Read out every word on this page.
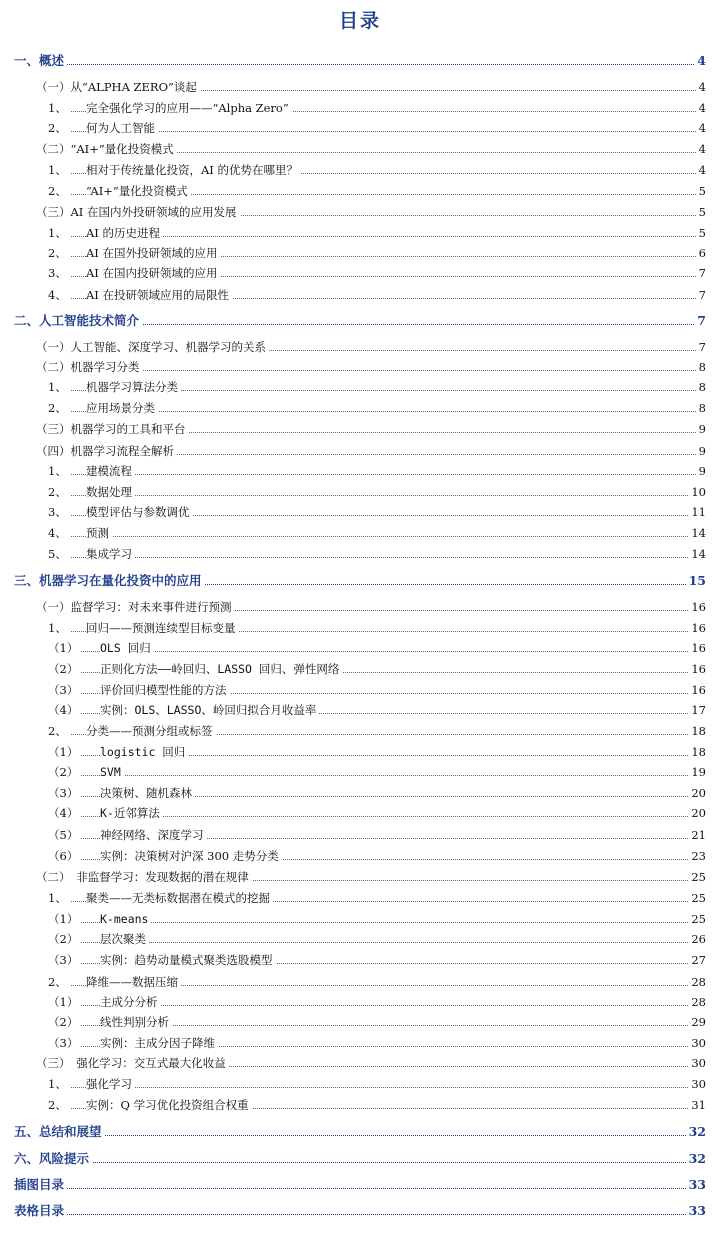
目录
一、概述	4
（一）从“ALPHA ZERO”谈起	4
1、 完全强化学习的应用——“Alpha Zero”	4
2、 何为人工智能	4
（二）“AI+”量化投资模式	4
1、 相对于传统量化投资，AI 的优势在哪里？	4
2、 “AI+”量化投资模式	5
（三）AI 在国内外投研领域的应用发展	5
1、 AI 的历史进程	5
2、 AI 在国外投研领域的应用	6
3、 AI 在国内投研领域的应用	7
4、 AI 在投研领域应用的局限性	7
二、人工智能技术简介	7
（一）人工智能、深度学习、机器学习的关系	7
（二）机器学习分类	8
1、 机器学习算法分类	8
2、 应用场景分类	8
（三）机器学习的工具和平台	9
（四）机器学习流程全解析	9
1、 建模流程	9
2、 数据处理	10
3、 模型评估与参数调优	11
4、 预测	14
5、 集成学习	14
三、机器学习在量化投资中的应用	15
（一）监督学习：对未来事件进行预测	16
1、 回归——预测连续型目标变量	16
（1） OLS 回归	16
（2） 正则化方法——岭回归、LASSO 回归、弹性网络	16
（3） 评价回归模型性能的方法	16
（4） 实例：OLS、LASSO、岭回归拟合月收益率	17
2、 分类——预测分组或标签	18
（1） logistic 回归	18
（2） SVM	19
（3） 决策树、随机森林	20
（4） K-近邻算法	20
（5） 神经网络、深度学习	21
（6） 实例：决策树对沪深 300 走势分类	23
（二）　非监督学习：发现数据的潜在规律	25
1、 聚类——无类标数据潜在模式的挖掘	25
（1） K-means	25
（2） 层次聚类	26
（3） 实例：趋势动量模式聚类选股模型	27
2、 降维——数据压缩	28
（1） 主成分分析	28
（2） 线性判别分析	29
（3） 实例：主成分因子降维	30
（三）　强化学习：交互式最大化收益	30
1、 强化学习	30
2、 实例：Q 学习优化投资组合权重	31
五、总结和展望	32
六、风险提示	32
插图目录	33
表格目录	33
